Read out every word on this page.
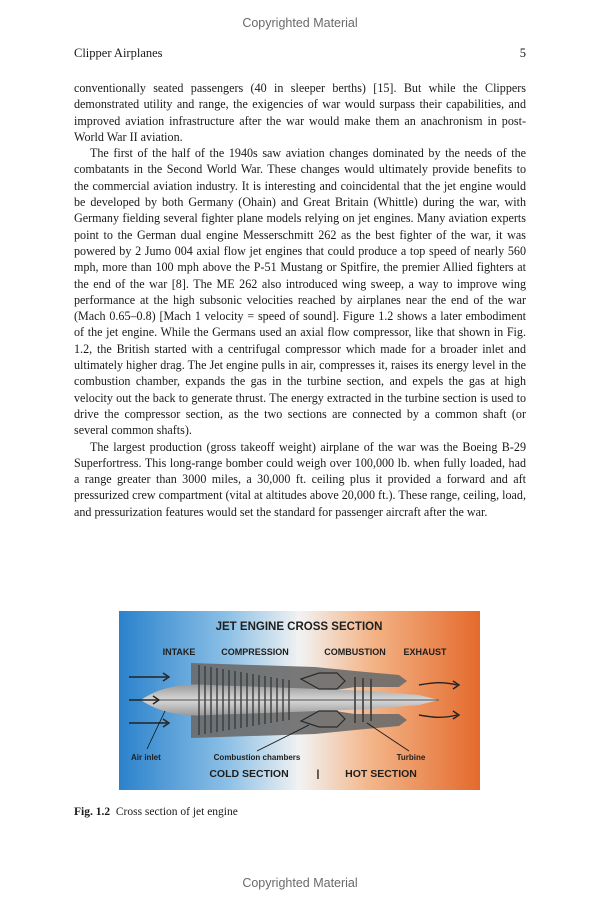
Copyrighted Material
Clipper Airplanes	5

conventionally seated passengers (40 in sleeper berths) [15]. But while the Clippers demonstrated utility and range, the exigencies of war would surpass their capabilities, and improved aviation infrastructure after the war would make them an anachronism in post-World War II aviation.

The first of the half of the 1940s saw aviation changes dominated by the needs of the combatants in the Second World War. These changes would ultimately provide benefits to the commercial aviation industry. It is interesting and coincidental that the jet engine would be developed by both Germany (Ohain) and Great Britain (Whittle) during the war, with Germany fielding several fighter plane models relying on jet engines. Many aviation experts point to the German dual engine Messerschmitt 262 as the best fighter of the war, it was powered by 2 Jumo 004 axial flow jet engines that could produce a top speed of nearly 560 mph, more than 100 mph above the P-51 Mustang or Spitfire, the premier Allied fighters at the end of the war [8]. The ME 262 also introduced wing sweep, a way to improve wing performance at the high subsonic velocities reached by airplanes near the end of the war (Mach 0.65–0.8) [Mach 1 velocity = speed of sound]. Figure 1.2 shows a later embodiment of the jet engine. While the Germans used an axial flow compressor, like that shown in Fig. 1.2, the British started with a centrifugal compressor which made for a broader inlet and ultimately higher drag. The Jet engine pulls in air, compresses it, raises its energy level in the combustion chamber, expands the gas in the turbine section, and expels the gas at high velocity out the back to generate thrust. The energy extracted in the turbine section is used to drive the compressor section, as the two sections are connected by a common shaft (or several common shafts).

The largest production (gross takeoff weight) airplane of the war was the Boeing B-29 Superfortress. This long-range bomber could weigh over 100,000 lb. when fully loaded, had a range greater than 3000 miles, a 30,000 ft. ceiling plus it provided a forward and aft pressurized crew compartment (vital at altitudes above 20,000 ft.). These range, ceiling, load, and pressurization features would set the standard for passenger aircraft after the war.

JET ENGINE CROSS SECTION
INTAKE	COMPRESSION	COMBUSTION EXHAUST
Air inlet	Combustion chambers	Turbine
COLD SECTION	| HOT SECTION
Fig. 1.2 Cross section of jet engine
Copyrighted Material
